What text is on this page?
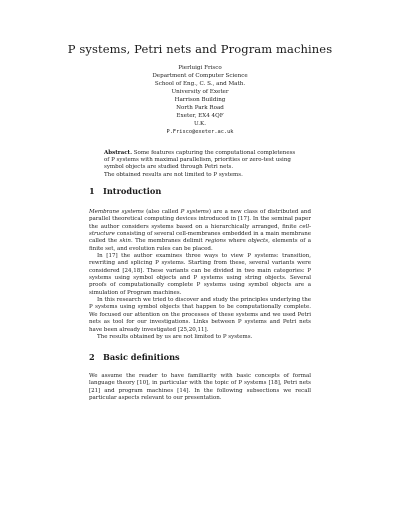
P systems, Petri nets and Program machines
Pierluigi Frisco
Department of Computer Science
School of Eng., C. S., and Math.
University of Exeter
Harrison Building
North Park Road
Exeter, EX4 4QF
U.K.
P.Frisco@exeter.ac.uk

Abstract. Some features capturing the computational completeness of P systems with maximal parallelism, priorities or zero-test using symbol objects are studied through Petri nets.

The obtained results are not limited to P systems.

1 Introduction

Membrane systems (also called P systems) are a new class of distributed and parallel theoretical computing devices introduced in [17]. In the seminal paper the author considers systems based on a hierarchically arranged, finite cell-structure consisting of several cell-membranes embedded in a main membrane called the skin. The membranes delimit regions where objects, elements of a finite set, and evolution rules can be placed.

In [17] the author examines three ways to view P systems: transition, rewriting and splicing P systems. Starting from these, several variants were considered [24,18]. These variants can be divided in two main categories: P systems using symbol objects and P systems using string objects. Several proofs of computationally complete P systems using symbol objects are a simulation of Program machines.

In this research we tried to discover and study the principles underlying the P systems using symbol objects that happen to be computationally complete. We focused our attention on the processes of these systems and we used Petri nets as tool for our investigations. Links between P systems and Petri nets have been already investigated [25,20,11].

The results obtained by us are not limited to P systems.

2 Basic definitions

We assume the reader to have familiarity with basic concepts of formal language theory [10], in particular with the topic of P systems [18], Petri nets [21] and program machines [14]. In the following subsections we recall particular aspects relevant to our presentation.
